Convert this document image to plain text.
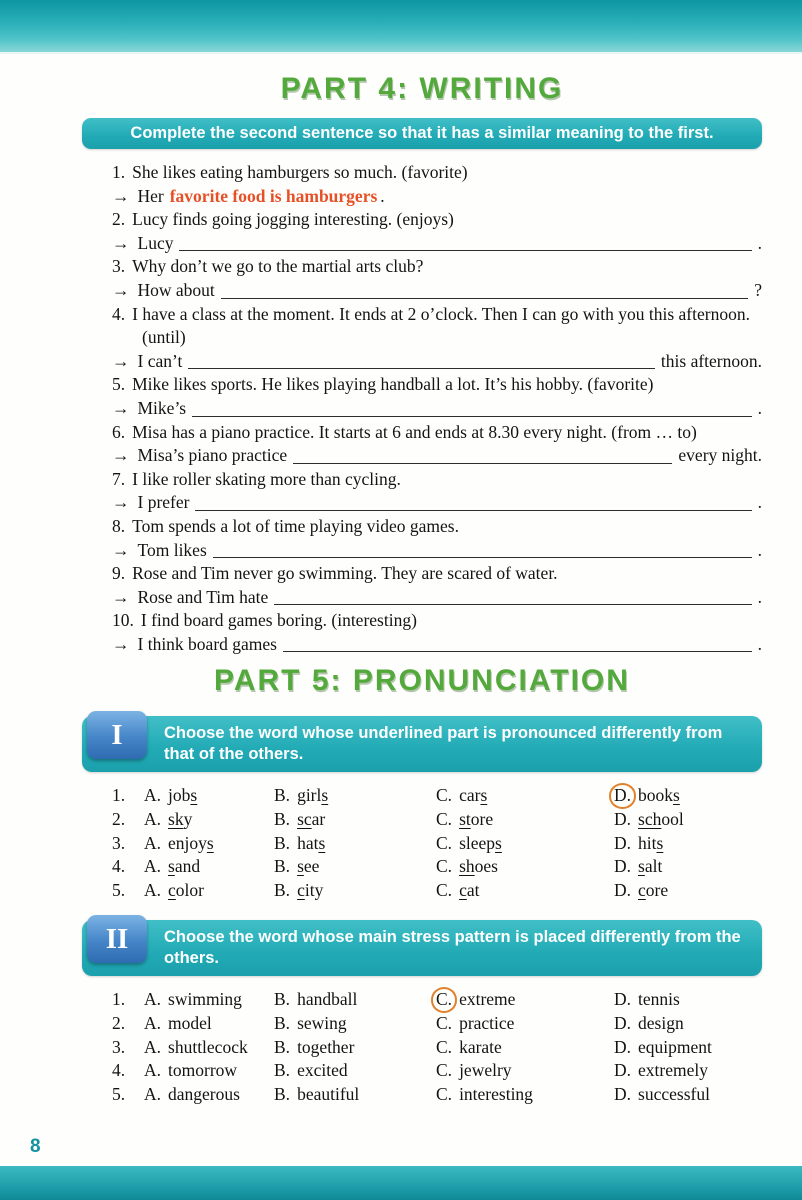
PART 4: WRITING
Complete the second sentence so that it has a similar meaning to the first.
1. She likes eating hamburgers so much. (favorite)
→ Her favorite food is hamburgers .
2. Lucy finds going jogging interesting. (enjoys)
→ Lucy	.
3. Why don’t we go to the martial arts club?
→ How about	?
4. I have a class at the moment. It ends at 2 o’clock. Then I can go with you this afternoon. (until)
→ I can’t	this afternoon.
5. Mike likes sports. He likes playing handball a lot. It’s his hobby. (favorite)
→ Mike’s	.
6. Misa has a piano practice. It starts at 6 and ends at 8.30 every night. (from … to)
→ Misa’s piano practice	every night.
7. I like roller skating more than cycling.
→ I prefer	.
8. Tom spends a lot of time playing video games.
→ Tom likes	.
9. Rose and Tim never go swimming. They are scared of water.
→ Rose and Tim hate	.
10. I find board games boring. (interesting)
→ I think board games	.
PART 5: PRONUNCIATION
I	Choose the word whose underlined part is pronounced differently from that of the others.
1.	A. jobs	B. girls	C. cars	D. books
2.	A. sky	B. scar	C. store	D. school
3.	A. enjoys	B. hats	C. sleeps	D. hits
4.	A. sand	B. see	C. shoes	D. salt
5.	A. color	B. city	C. cat	D. core
II	Choose the word whose main stress pattern is placed differently from the others.
1.	A. swimming	B. handball	C. extreme	D. tennis
2.	A. model	B. sewing	C. practice	D. design
3.	A. shuttlecock	B. together	C. karate	D. equipment
4.	A. tomorrow	B. excited	C. jewelry	D. extremely
5.	A. dangerous	B. beautiful	C. interesting	D. successful
8
